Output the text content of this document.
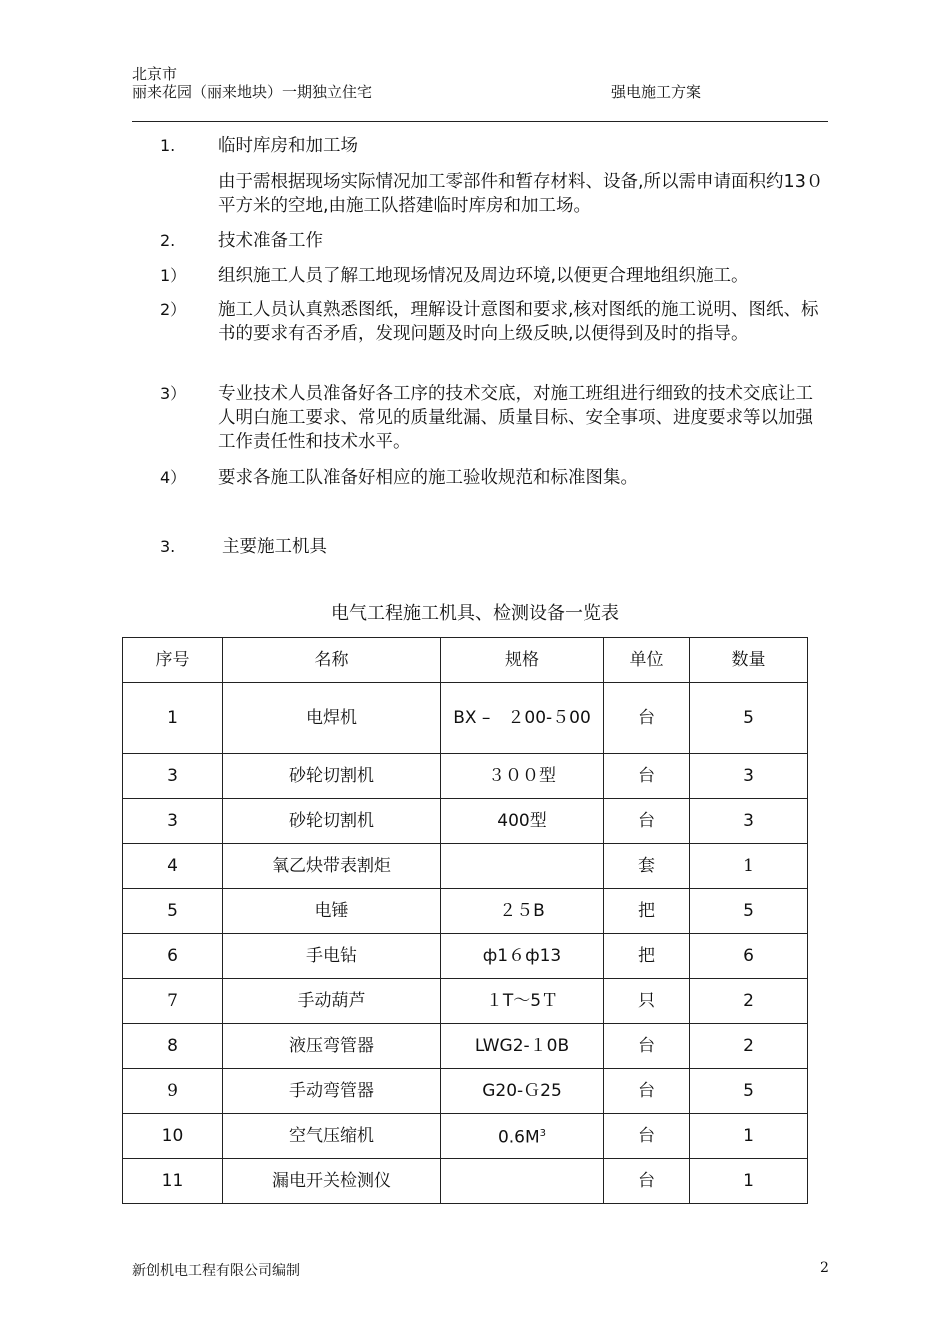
北京市
丽来花园（丽来地块）一期独立住宅	强电施工方案
1. 临时库房和加工场
由于需根据现场实际情况加工零部件和暂存材料、设备,所以需申请面积约13０平方米的空地,由施工队搭建临时库房和加工场。
2. 技术准备工作
1） 组织施工人员了解工地现场情况及周边环境,以便更合理地组织施工。
2） 施工人员认真熟悉图纸，理解设计意图和要求,核对图纸的施工说明、图纸、标书的要求有否矛盾，发现问题及时向上级反映,以便得到及时的指导。
3） 专业技术人员准备好各工序的技术交底，对施工班组进行细致的技术交底让工人明白施工要求、常见的质量纰漏、质量目标、安全事项、进度要求等以加强工作责任性和技术水平。
4） 要求各施工队准备好相应的施工验收规范和标准图集。
3.	主要施工机具
电气工程施工机具、检测设备一览表
序号	名称	规格	单位	数量
1	电焊机	BX –　２00-５00	台	5
3	砂轮切割机	３００型	台	3
3	砂轮切割机	400型	台	3
4	氧乙炔带表割炬		套	1
5	电锤	２５B	把	5
6	手电钻	ф1６ф13	把	6
7	手动葫芦	１T～5Ｔ	只	2
8	液压弯管器	LWG2-１0B	台	2
9	手动弯管器	G20-Ｇ25	台	5
10	空气压缩机	$0.6M^3$	台	1
11	漏电开关检测仪		台	1
新创机电工程有限公司编制	2
